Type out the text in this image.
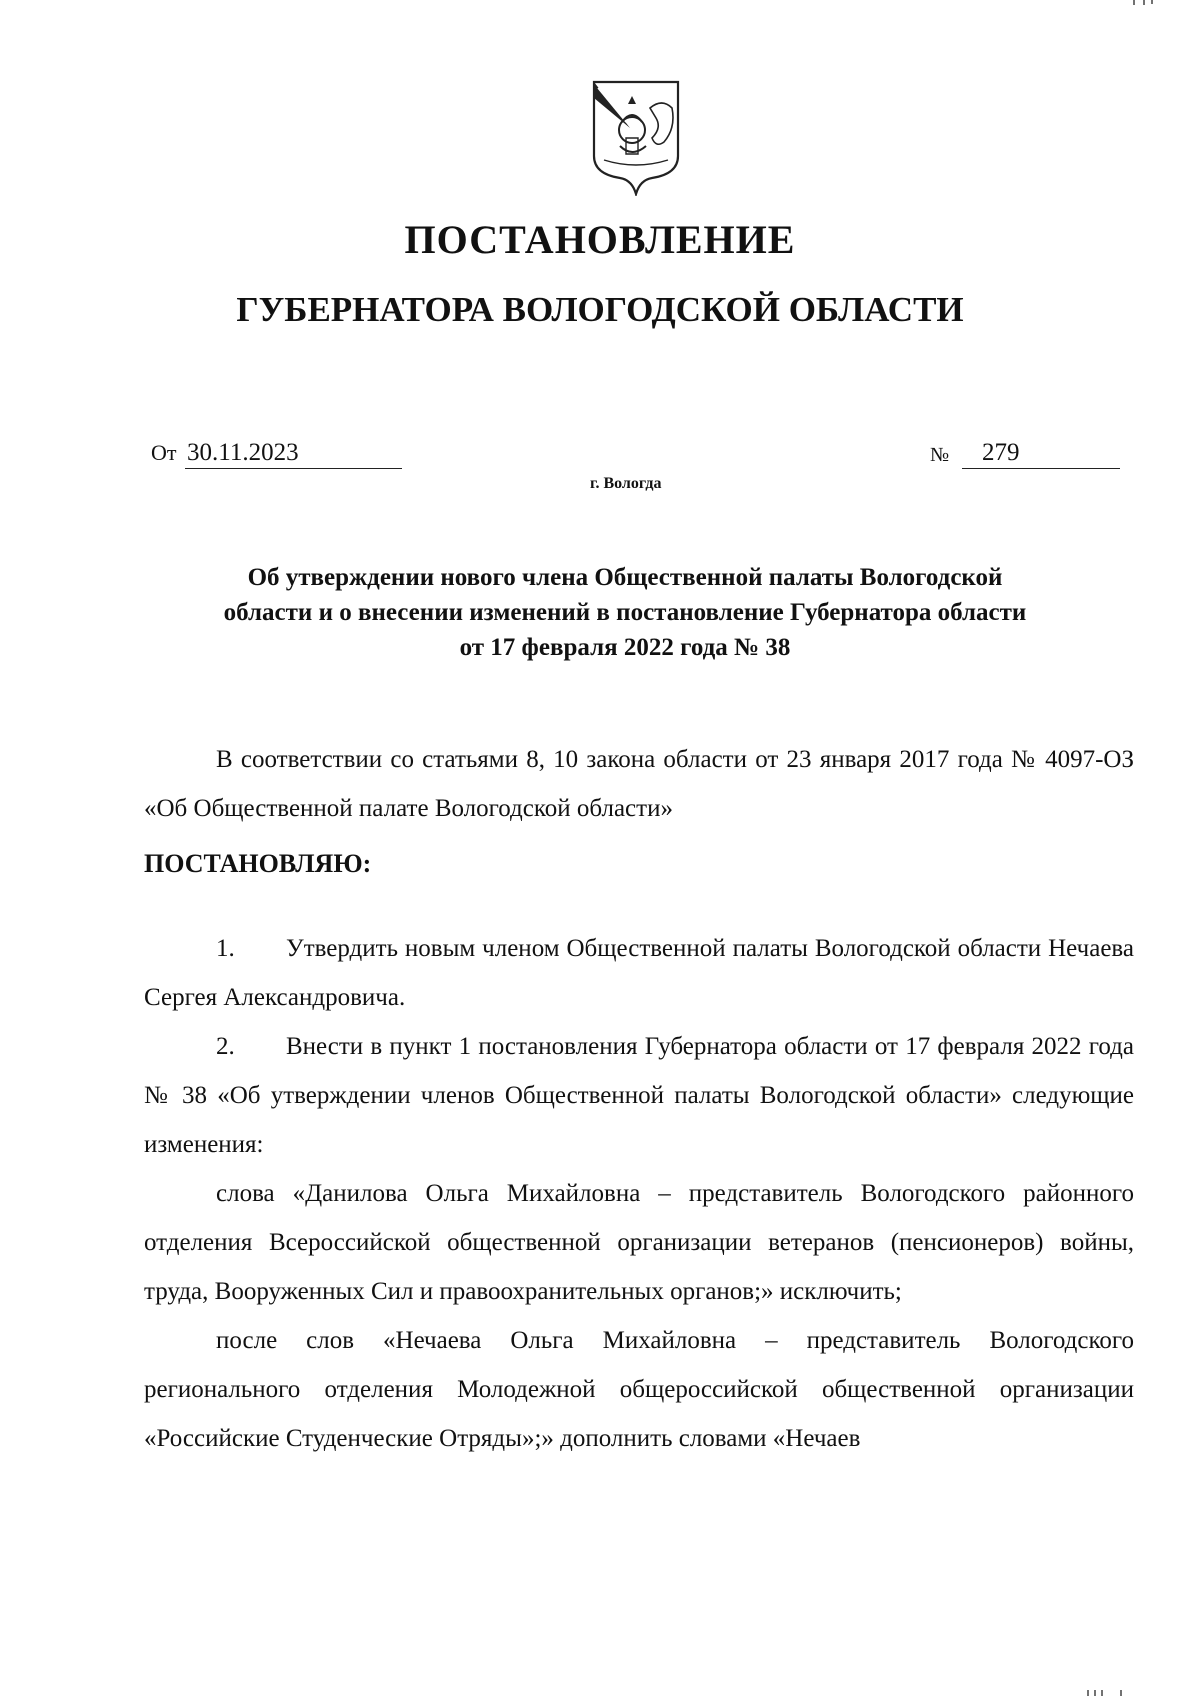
ПОСТАНОВЛЕНИЕ
ГУБЕРНАТОРА ВОЛОГОДСКОЙ ОБЛАСТИ
От 30.11.2023	№	279
г. Вологда
Об утверждении нового члена Общественной палаты Вологодской
области и о внесении изменений в постановление Губернатора области
от 17 февраля 2022 года № 38

В соответствии со статьями 8, 10 закона области от 23 января 2017 года № 4097-ОЗ «Об Общественной палате Вологодской области»

ПОСТАНОВЛЯЮ:

1. Утвердить новым членом Общественной палаты Вологодской области Нечаева Сергея Александровича.

2. Внести в пункт 1 постановления Губернатора области от 17 февраля 2022 года № 38 «Об утверждении членов Общественной палаты Вологодской области» следующие изменения:

слова «Данилова Ольга Михайловна – представитель Вологодского районного отделения Всероссийской общественной организации ветеранов (пенсионеров) войны, труда, Вооруженных Сил и правоохранительных органов;» исключить;

после слов «Нечаева Ольга Михайловна – представитель Вологодского регионального отделения Молодежной общероссийской общественной организации «Российские Студенческие Отряды»;» дополнить словами «Нечаев
